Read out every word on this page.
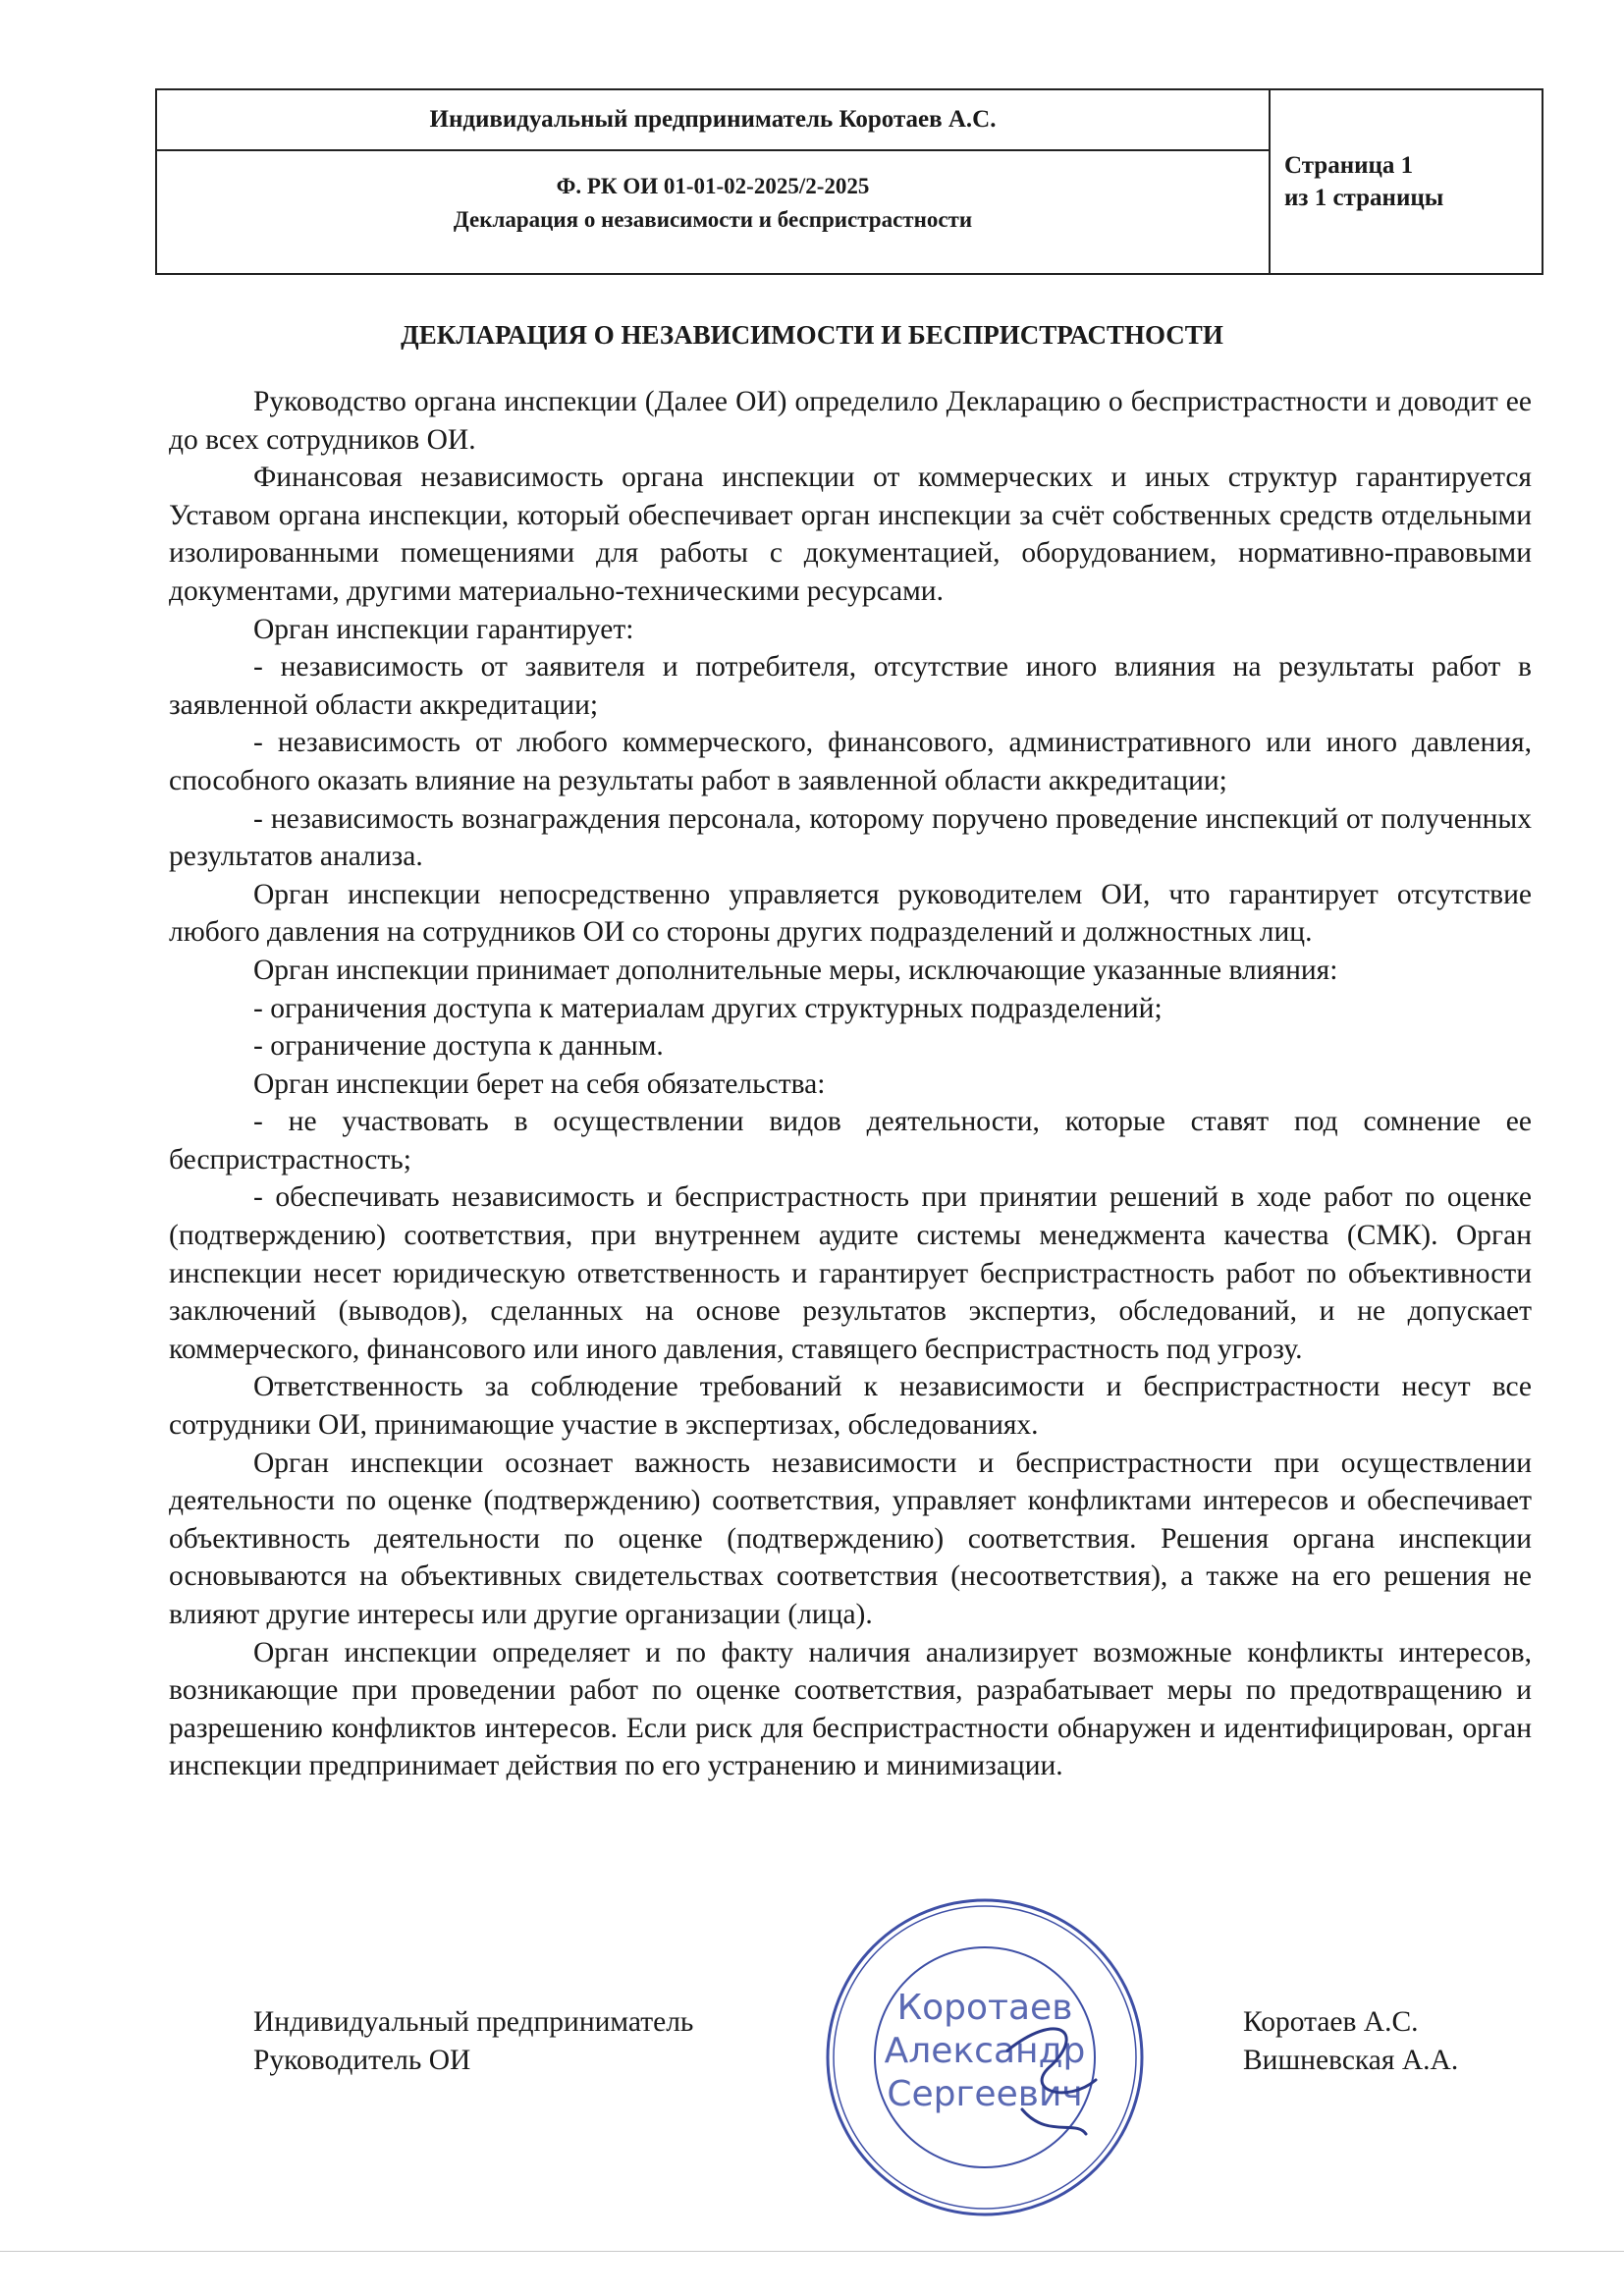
Индивидуальный предприниматель Коротаев А.С.	
Страница 1
из 1 страницы

Ф. РК ОИ 01-01-02-2025/2-2025
Декларация о независимости и беспристрастности
ДЕКЛАРАЦИЯ О НЕЗАВИСИМОСТИ И БЕСПРИСТРАСТНОСТИ

Руководство органа инспекции (Далее ОИ) определило Декларацию о беспристрастности и доводит ее до всех сотрудников ОИ.

Финансовая независимость органа инспекции от коммерческих и иных структур гарантируется Уставом органа инспекции, который обеспечивает орган инспекции за счёт собственных средств отдельными изолированными помещениями для работы с документацией, оборудованием, нормативно-правовыми документами, другими материально-техническими ресурсами.

Орган инспекции гарантирует:

- независимость от заявителя и потребителя, отсутствие иного влияния на результаты работ в заявленной области аккредитации;

- независимость от любого коммерческого, финансового, административного или иного давления, способного оказать влияние на результаты работ в заявленной области аккредитации;

- независимость вознаграждения персонала, которому поручено проведение инспекций от полученных результатов анализа.

Орган инспекции непосредственно управляется руководителем ОИ, что гарантирует отсутствие любого давления на сотрудников ОИ со стороны других подразделений и должностных лиц.

Орган инспекции принимает дополнительные меры, исключающие указанные влияния:

- ограничения доступа к материалам других структурных подразделений;

- ограничение доступа к данным.

Орган инспекции берет на себя обязательства:

- не участвовать в осуществлении видов деятельности, которые ставят под сомнение ее беспристрастность;

- обеспечивать независимость и беспристрастность при принятии решений в ходе работ по оценке (подтверждению) соответствия, при внутреннем аудите системы менеджмента качества (СМК). Орган инспекции несет юридическую ответственность и гарантирует беспристрастность работ по объективности заключений (выводов), сделанных на основе результатов экспертиз, обследований, и не допускает коммерческого, финансового или иного давления, ставящего беспристрастность под угрозу.

Ответственность за соблюдение требований к независимости и беспристрастности несут все сотрудники ОИ, принимающие участие в экспертизах, обследованиях.

Орган инспекции осознает важность независимости и беспристрастности при осуществлении деятельности по оценке (подтверждению) соответствия, управляет конфликтами интересов и обеспечивает объективность деятельности по оценке (подтверждению) соответствия. Решения органа инспекции основываются на объективных свидетельствах соответствия (несоответствия), а также на его решения не влияют другие интересы или другие организации (лица).

Орган инспекции определяет и по факту наличия анализирует возможные конфликты интересов, возникающие при проведении работ по оценке соответствия, разрабатывает меры по предотвращению и разрешению конфликтов интересов. Если риск для беспристрастности обнаружен и идентифицирован, орган инспекции предпринимает действия по его устранению и минимизации.

Индивидуальный предприниматель
Руководитель ОИ
Коротаев
Александр
Сергеевич
Коротаев А.С.
Вишневская А.А.
